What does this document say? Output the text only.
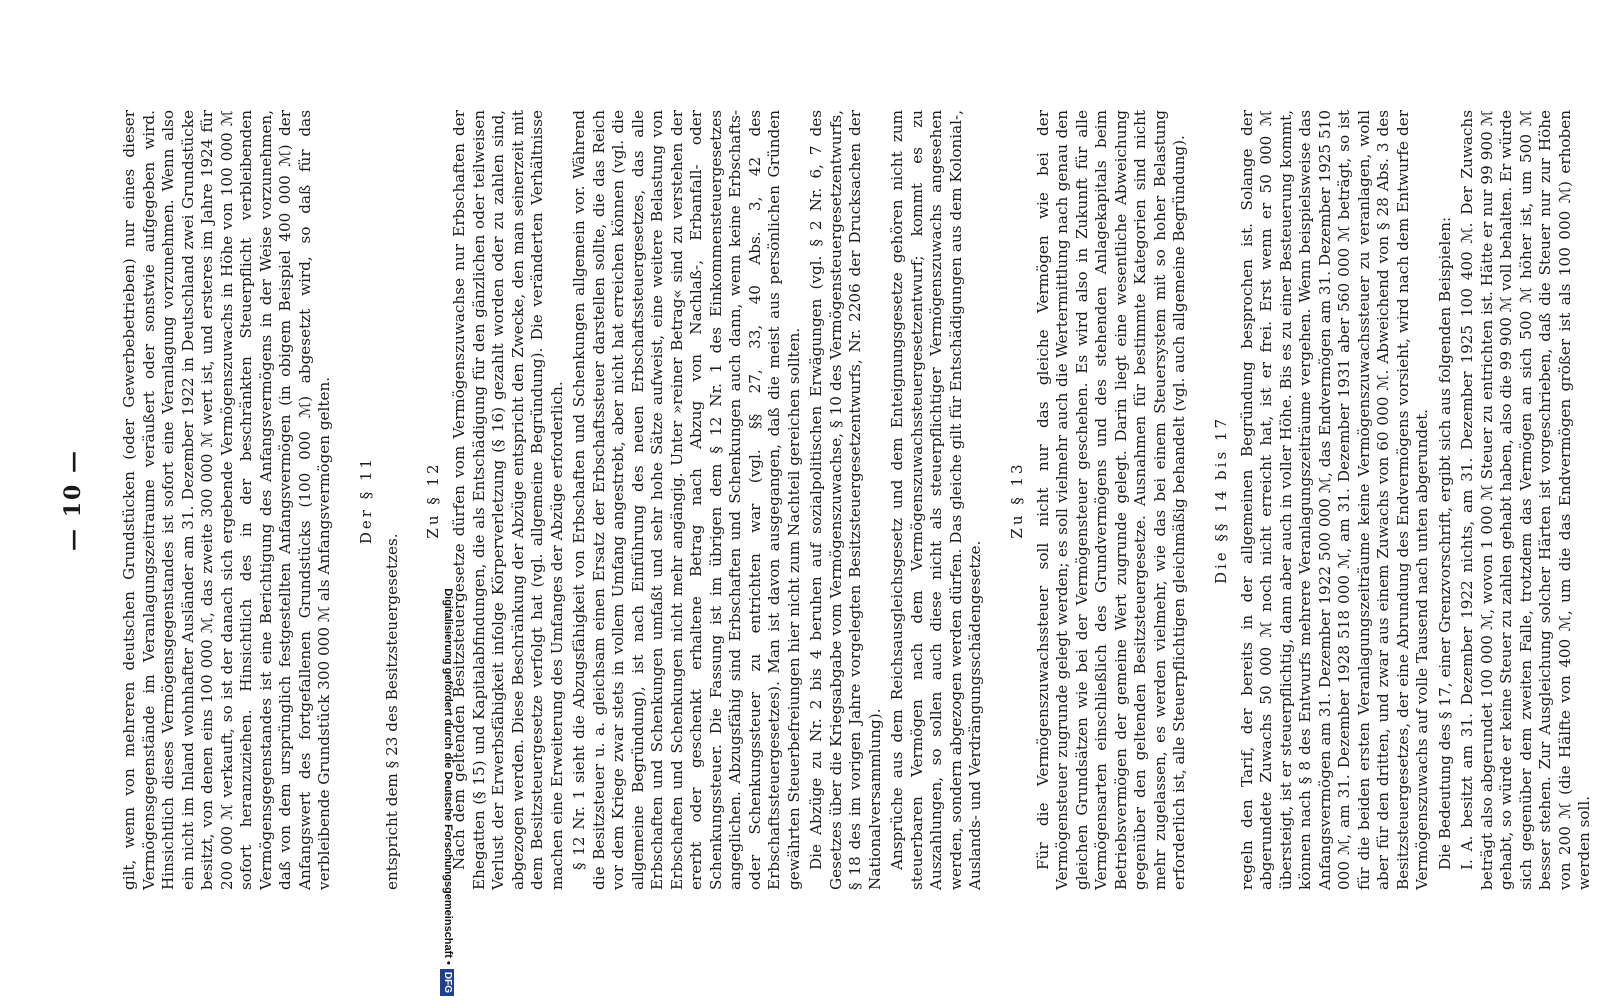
— 10 — gilt, wenn von mehreren deutschen Grundstücken (oder Gewerbebetrieben) nur eines dieser Vermögensgegenstände im Veranlagungszeitraume veräußert oder sonstwie aufgegeben wird. Hinsichtlich dieses Vermögensgegenstandes ist sofort eine Veranlagung vorzunehmen. Wenn also ein nicht im Inland wohnhafter Ausländer am 31. Dezember 1922 in Deutschland zwei Grundstücke besitzt, von denen eins 100 000 ℳ, das zweite 300 000 ℳ wert ist, und ersteres im Jahre 1924 für 200 000 ℳ verkauft, so ist der danach sich ergebende Vermögenszuwachs in Höhe von 100 000 ℳ sofort heranzuziehen. Hinsichtlich des in der beschränkten Steuerpflicht verbleibenden Vermögensgegenstandes ist eine Berichtigung des Anfangsvermögens in der Weise vorzunehmen, daß von dem ursprünglich festgestellten Anfangsvermögen (in obigem Beispiel 400 000 ℳ) der Anfangswert des fortgefallenen Grundstücks (100 000 ℳ) abgesetzt wird, so daß für das verbleibende Grundstück 300 000 ℳ als Anfangsvermögen gelten. Der § 11
entspricht dem § 23 des Besitzsteuergesetzes.
Zu § 12 Nach dem geltenden Besitzsteuergesetze dürfen vom Vermögenszuwachse nur Erbschaften der Ehegatten (§ 15) und Kapitalabfindungen, die als Entschädigung für den gänzlichen oder teilweisen Verlust der Erwerbsfähigkeit infolge Körperverletzung (§ 16) gezahlt worden oder zu zahlen sind, abgezogen werden. Diese Beschränkung der Abzüge entspricht den Zwecke, den man seinerzeit mit dem Besitzsteuergesetze verfolgt hat (vgl. allgemeine Begründung). Die veränderten Verhältnisse machen eine Erweiterung des Umfanges der Abzüge erforderlich. § 12 Nr. 1 sieht die Abzugsfähigkeit von Erbschaften und Schenkungen allgemein vor. Während die Besitzsteuer u. a. gleichsam einen Ersatz der Erbschaftssteuer darstellen sollte, die das Reich vor dem Kriege zwar stets in vollem Umfang angestrebt, aber nicht hat erreichen können (vgl. die allgemeine Begründung), ist nach Einführung des neuen Erbschaftssteuergesetzes, das alle Erbschaften und Schenkungen umfaßt und sehr hohe Sätze aufweist, eine weitere Belastung von Erbschaften und Schenkungen nicht mehr angängig. Unter »reiner Betrag« sind zu verstehen der ererbt oder geschenkt erhaltene Betrag nach Abzug von Nachlaß-, Erbanfall- oder Schenkungssteuer. Die Fassung ist im übrigen dem § 12 Nr. 1 des Einkommensteuergesetzes angeglichen. Abzugsfähig sind Erbschaften und Schenkungen auch dann, wenn keine Erbschafts- oder Schenkungssteuer zu entrichten war (vgl. §§ 27, 33, 40 Abs. 3, 42 des Erbschaftssteuergesetzes). Man ist davon ausgegangen, daß die meist aus persönlichen Gründen gewährten Steuerbefreiungen hier nicht zum Nachteil gereichen sollten. Die Abzüge zu Nr. 2 bis 4 beruhen auf sozialpolitischen Erwägungen (vgl. § 2 Nr. 6, 7 des Gesetzes über die Kriegsabgabe vom Vermögenszuwachse, § 10 des Vermögensteuergesetzentwurfs, § 18 des im vorigen Jahre vorgelegten Besitzsteuergesetzentwurfs, Nr. 2206 der Drucksachen der Nationalversammlung). Ansprüche aus dem Reichsausgleichsgesetz und dem Enteignungsgesetze gehören nicht zum steuerbaren Vermögen nach dem Vermögenszuwachssteuergesetzentwurf; kommt es zu Auszahlungen, so sollen auch diese nicht als steuerpflichtiger Vermögenszuwachs angesehen werden, sondern abgezogen werden dürfen. Das gleiche gilt für Entschädigungen aus dem Kolonial-, Auslands- und Verdrängungsschädengesetze.
Zu § 13 Für die Vermögenszuwachssteuer soll nicht nur das gleiche Vermögen wie bei der Vermögensteuer zugrunde gelegt werden; es soll vielmehr auch die Wertermittlung nach genau den gleichen Grundsätzen wie bei der Vermögensteuer geschehen. Es wird also in Zukunft für alle Vermögensarten einschließlich des Grundvermögens und des stehenden Anlagekapitals beim Betriebsvermögen der gemeine Wert zugrunde gelegt. Darin liegt eine wesentliche Abweichung gegenüber den geltenden Besitzsteuergesetze. Ausnahmen für bestimmte Kategorien sind nicht mehr zugelassen, es werden vielmehr, wie das bei einem Steuersystem mit so hoher Belastung erforderlich ist, alle Steuerpflichtigen gleichmäßig behandelt (vgl. auch allgemeine Begründung). Die §§ 14 bis 17 regeln den Tarif, der bereits in der allgemeinen Begründung besprochen ist. Solange der abgerundete Zuwachs 50 000 ℳ noch nicht erreicht hat, ist er frei. Erst wenn er 50 000 ℳ übersteigt, ist er steuerpflichtig, dann aber auch in voller Höhe. Bis es zu einer Besteuerung kommt, können nach § 8 des Entwurfs mehrere Veranlagungszeiträume vergehen. Wenn beispielsweise das Anfangsvermögen am 31. Dezember 1922 500 000 ℳ, das Endvermögen am 31. Dezember 1925 510 000 ℳ, am 31. Dezember 1928 518 000 ℳ, am 31. Dezember 1931 aber 560 000 ℳ beträgt, so ist für die beiden ersten Veranlagungszeiträume keine Vermögenszuwachssteuer zu veranlagen, wohl aber für den dritten, und zwar aus einem Zuwachs von 60 000 ℳ. Abweichend von § 28 Abs. 3 des Besitzsteuergesetzes, der eine Abrundung des Endvermögens vorsieht, wird nach dem Entwurfe der Vermögenszuwachs auf volle Tausend nach unten abgerundet. Die Bedeutung des § 17, einer Grenzvorschrift, ergibt sich aus folgenden Beispielen: I. A. besitzt am 31. Dezember 1922 nichts, am 31. Dezember 1925 100 400 ℳ. Der Zuwachs beträgt also abgerundet 100 000 ℳ, wovon 1 000 ℳ Steuer zu entrichten ist. Hätte er nur 99 900 ℳ gehabt, so würde er keine Steuer zu zahlen gehabt haben, also die 99 900 ℳ voll behalten. Er würde sich gegenüber dem zweiten Falle, trotzdem das Vermögen an sich 500 ℳ höher ist, um 500 ℳ besser stehen. Zur Ausgleichung solcher Härten ist vorgeschrieben, daß die Steuer nur zur Höhe von 200 ℳ (die Hälfte von 400 ℳ, um die das Endvermögen größer ist als 100 000 ℳ) erhoben werden soll.
Digitalisierung gefördert durch die Deutsche Forschungsgemeinschaft •DFG
